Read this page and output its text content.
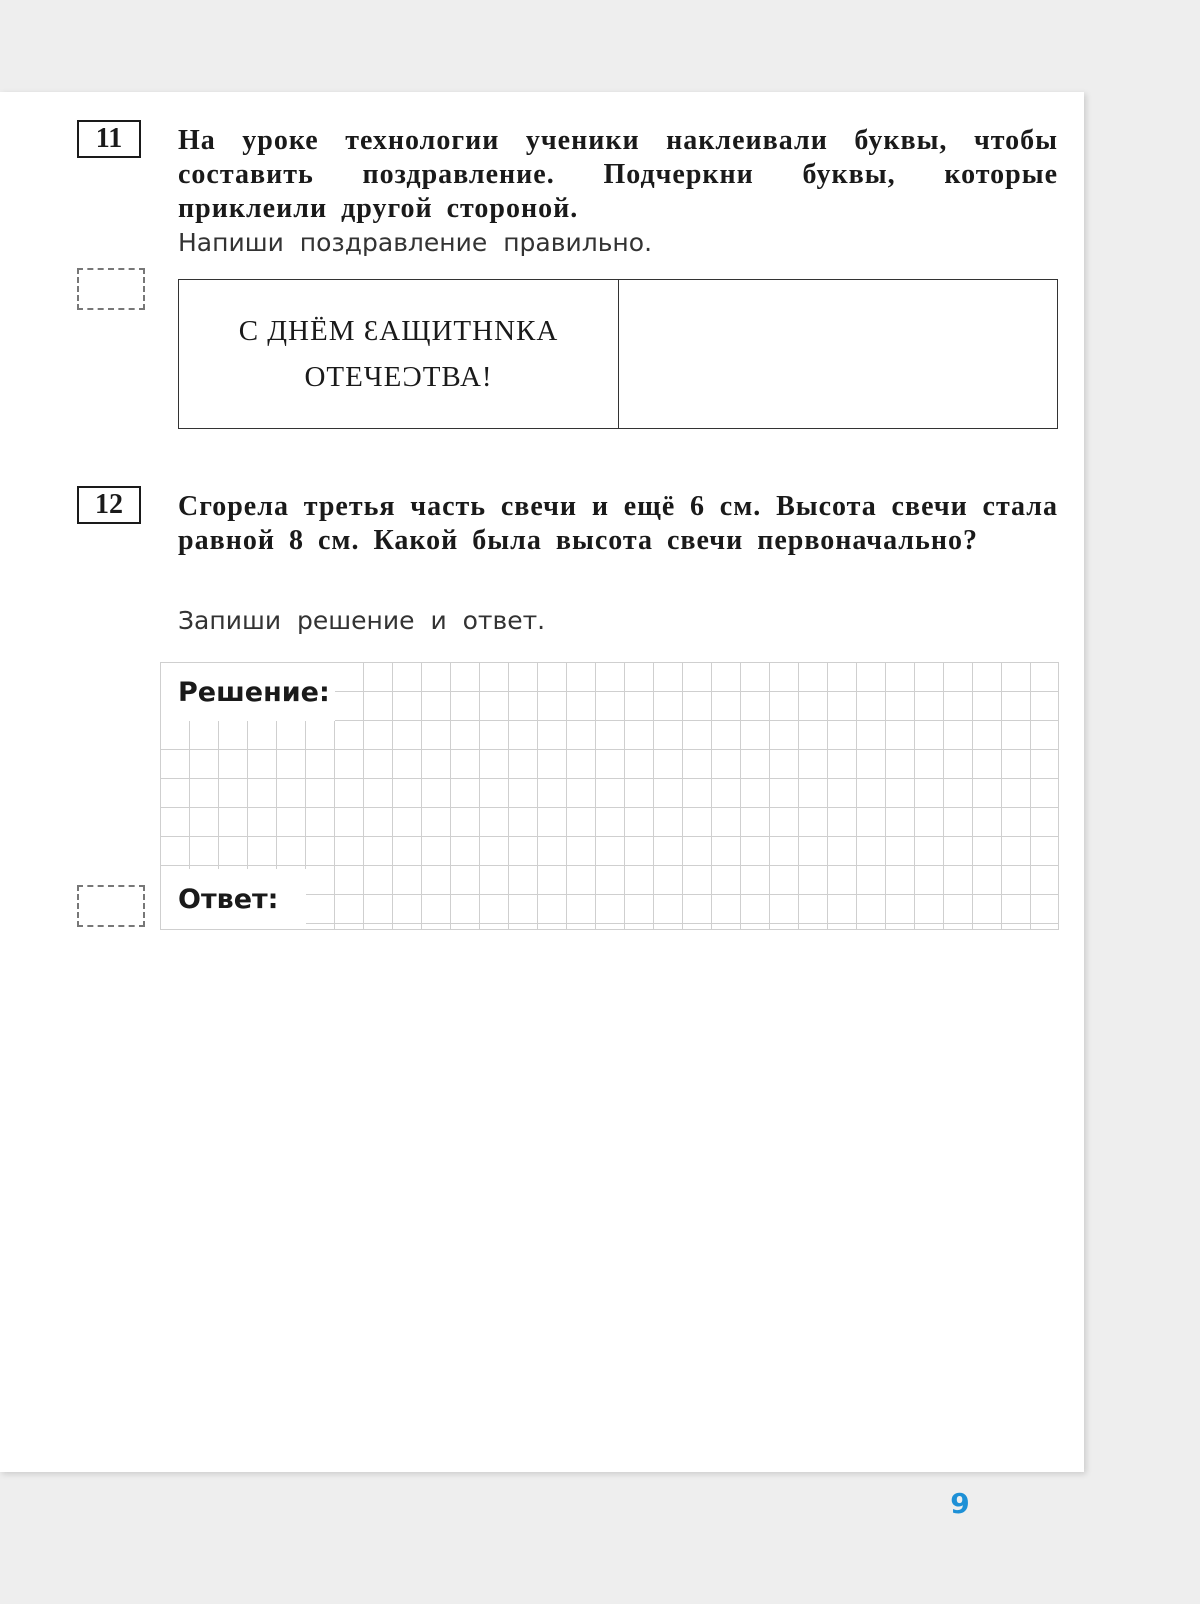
11	На уроке технологии ученики наклеивали буквы, чтобы составить поздравление. Подчеркни буквы, которые приклеили другой стороной.
Напиши поздравление правильно.
С ДНЁМ ƐАЩИТНNКА
ОТЕЧЕƆТВА!
12	Сгорела третья часть свечи и ещё 6 см. Высота свечи стала равной 8 см. Какой была высота свечи первоначально?
Запиши решение и ответ.
Решение:
Ответ:
9
